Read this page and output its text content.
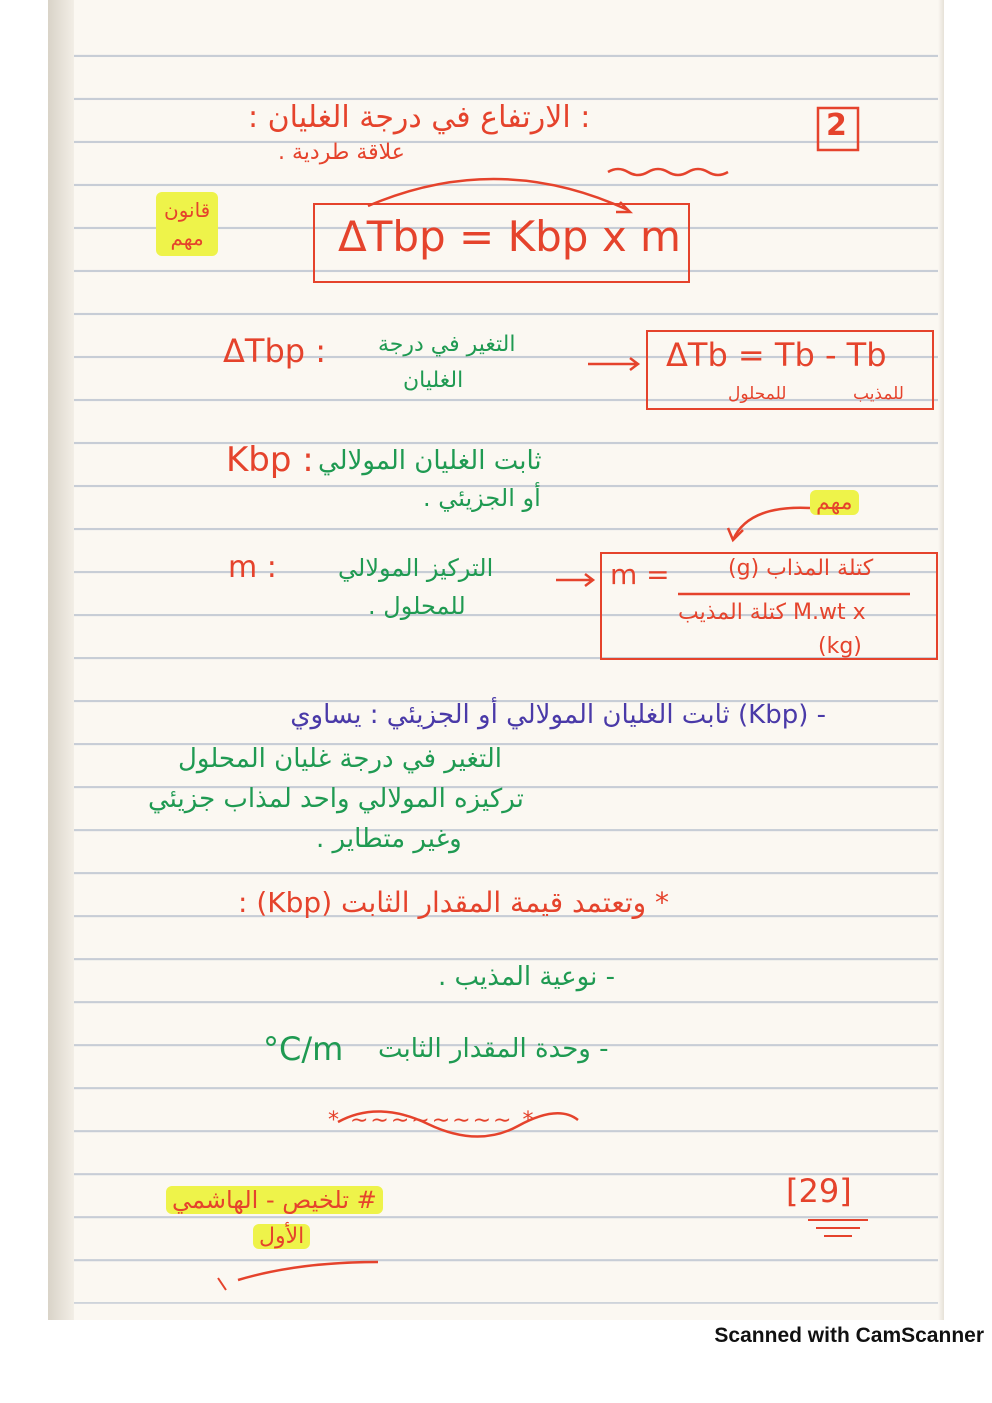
: الارتفاع في درجة الغليان :	2
علاقة طردية .
قانون
مهم	ΔTbp = Kbp x m
ΔTbp : التغير في درجة
الغليان
ΔTb = Tb - Tb
للمحلول	للمذيب
Kbp : ثابت الغليان المولالي
أو الجزيئي .	مهم
m :	التركيز المولالي
للمحلول .
m =	كتلة المذاب (g)
M.wt x كتلة المذيب
(kg)
- (Kbp) ثابت الغليان المولالي أو الجزيئي : يساوي
التغير في درجة غليان المحلول
تركيزه المولالي واحد لمذاب جزيئي
وغير متطاير .
* وتعتمد قيمة المقدار الثابت (Kbp) :
- نوعية المذيب .
- وحدة المقدار الثابت
°C/m
* ∼∼∼∼∼∼∼∼ *
# تلخيص - الهاشمي
الأول
[29]
Scanned with CamScanner
